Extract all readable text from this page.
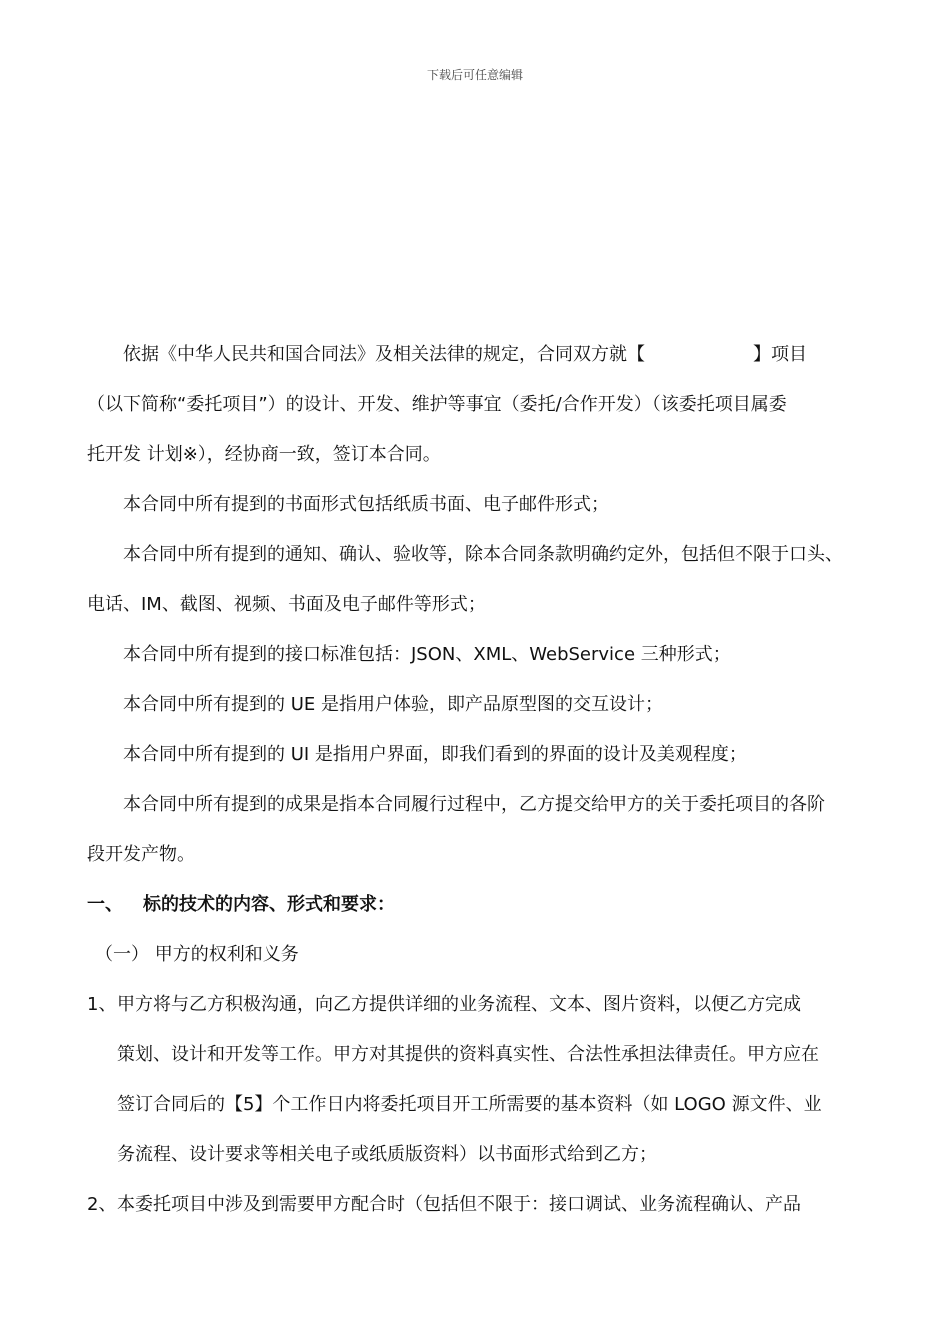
下载后可任意编辑

依据《中华人民共和国合同法》及相关法律的规定，合同双方就【	】项目

（以下简称“委托项目”）的设计、开发、维护等事宜（委托/合作开发）（该委托项目属委

托开发 计划※），经协商一致，签订本合同。

本合同中所有提到的书面形式包括纸质书面、电子邮件形式；

本合同中所有提到的通知、确认、验收等，除本合同条款明确约定外，包括但不限于口头、

电话、IM、截图、视频、书面及电子邮件等形式；

本合同中所有提到的接口标准包括：JSON、XML、WebService 三种形式；

本合同中所有提到的 UE 是指用户体验，即产品原型图的交互设计；

本合同中所有提到的 UI 是指用户界面，即我们看到的界面的设计及美观程度；

本合同中所有提到的成果是指本合同履行过程中，乙方提交给甲方的关于委托项目的各阶

段开发产物。

一、 标的技术的内容、形式和要求：

（一） 甲方的权利和义务

1、甲方将与乙方积极沟通，向乙方提供详细的业务流程、文本、图片资料，以便乙方完成

策划、设计和开发等工作。甲方对其提供的资料真实性、合法性承担法律责任。甲方应在

签订合同后的【5】个工作日内将委托项目开工所需要的基本资料（如 LOGO 源文件、业

务流程、设计要求等相关电子或纸质版资料）以书面形式给到乙方；

2、本委托项目中涉及到需要甲方配合时（包括但不限于：接口调试、业务流程确认、产品
